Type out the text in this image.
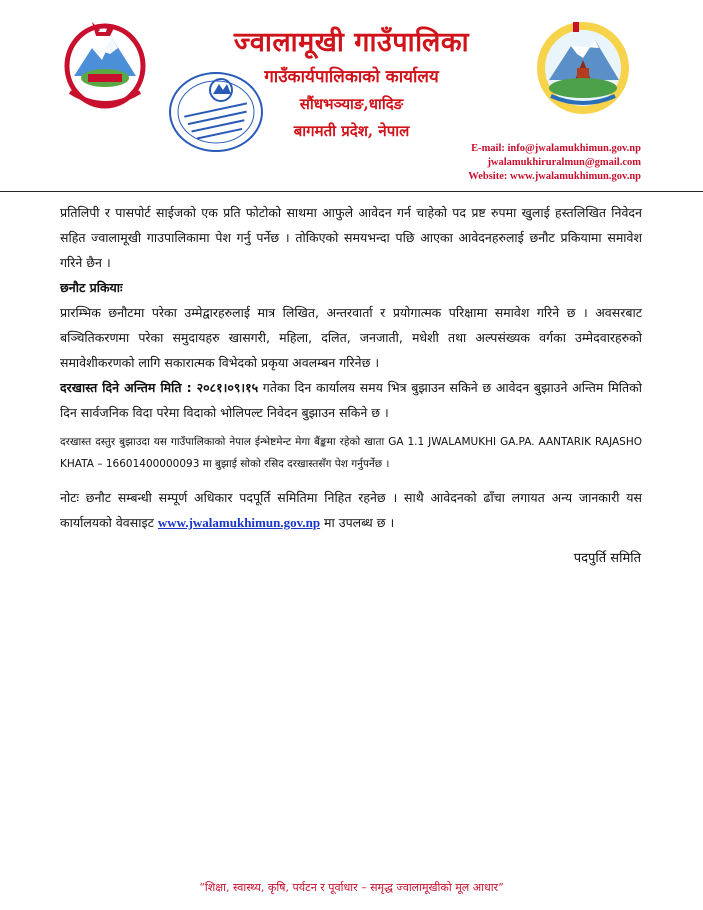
ज्वालामूखी गाउँपालिका
गाउँकार्यपालिकाको कार्यालय
सौंधभञ्याङ,धादिङ
बागमती प्रदेश, नेपाल
E-mail: info@jwalamukhimun.gov.np
jwalamukhiruralmun@gmail.com
Website: www.jwalamukhimun.gov.np

प्रतिलिपी र पासपोर्ट साईजको एक प्रति फोटोको साथमा आफुले आवेदन गर्न चाहेको पद प्रष्ट रुपमा खुलाई हस्तलिखित निवेदन सहित ज्वालामूखी गाउपालिकामा पेश गर्नु पर्नेछ । तोकिएको समयभन्दा पछि आएका आवेदनहरुलाई छनौट प्रकियामा समावेश गरिने छैन ।

छनौट प्रकियाः

प्रारम्भिक छनौटमा परेका उम्मेद्वारहरुलाई मात्र लिखित, अन्तरवार्ता र प्रयोगात्मक परिक्षामा समावेश गरिने छ । अवसरबाट बञ्चितिकरणमा परेका समुदायहरु खासगरी, महिला, दलित, जनजाती, मधेशी तथा अल्पसंख्यक वर्गका उम्मेदवारहरुको समावेशीकरणको लागि सकारात्मक विभेदको प्रकृया अवलम्बन गरिनेछ ।

दरखास्त दिने अन्तिम मिति : २०८१।०९।१५ गतेका दिन कार्यालय समय भित्र बुझाउन सकिने छ आवेदन बुझाउने अन्तिम मितिको दिन सार्वजनिक विदा परेमा विदाको भोलिपल्ट निवेदन बुझाउन सकिने छ ।

दरखास्त दस्तुर बुझाउदा यस गाउँपालिकाको नेपाल ईन्भेष्टमेन्ट मेगा बैंङ्कमा रहेको खाता GA 1.1 JWALAMUKHI GA.PA. AANTARIK RAJASHO KHATA – 16601400000093 मा बुझाई सोको रसिद दरखास्तसँग पेश गर्नुपर्नेछ ।

नोटः छनौट सम्बन्धी सम्पूर्ण अधिकार पदपूर्ति समितिमा निहित रहनेछ । साथै आवेदनको ढाँचा लगायत अन्य जानकारी यस कार्यालयको वेवसाइट www.jwalamukhimun.gov.np मा उपलब्ध छ ।

पदपुर्ति समिति
“शिक्षा, स्वास्थ्य, कृषि, पर्यटन र पूर्वाधार – समृद्ध ज्वालामूखीको मूल आधार”
